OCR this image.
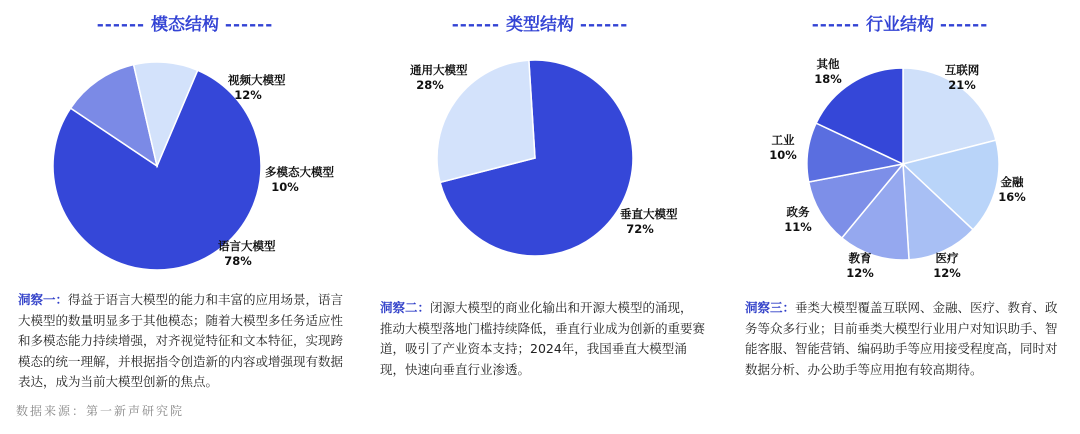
------ 模态结构 ------	------ 类型结构 ------	------ 行业结构 ------
语言大模型
78%
视频大模型
12%
多模态大模型
10%
垂直大模型
72%
通用大模型
28%
互联网
21%
金融
16%
医疗
12%
教育
12%
政务
11%
工业
10%
其他
18%
洞察一：得益于语言大模型的能力和丰富的应用场景，语言大模型的数量明显多于其他模态；随着大模型多任务适应性和多模态能力持续增强，对齐视觉特征和文本特征，实现跨模态的统一理解，并根据指令创造新的内容或增强现有数据表达，成为当前大模型创新的焦点。
洞察二：闭源大模型的商业化输出和开源大模型的涌现，推动大模型落地门槛持续降低，垂直行业成为创新的重要赛道，吸引了产业资本支持；2024年，我国垂直大模型涌现，快速向垂直行业渗透。
洞察三：垂类大模型覆盖互联网、金融、医疗、教育、政务等众多行业；目前垂类大模型行业用户对知识助手、智能客服、智能营销、编码助手等应用接受程度高，同时对数据分析、办公助手等应用抱有较高期待。
数据来源：第一新声研究院
